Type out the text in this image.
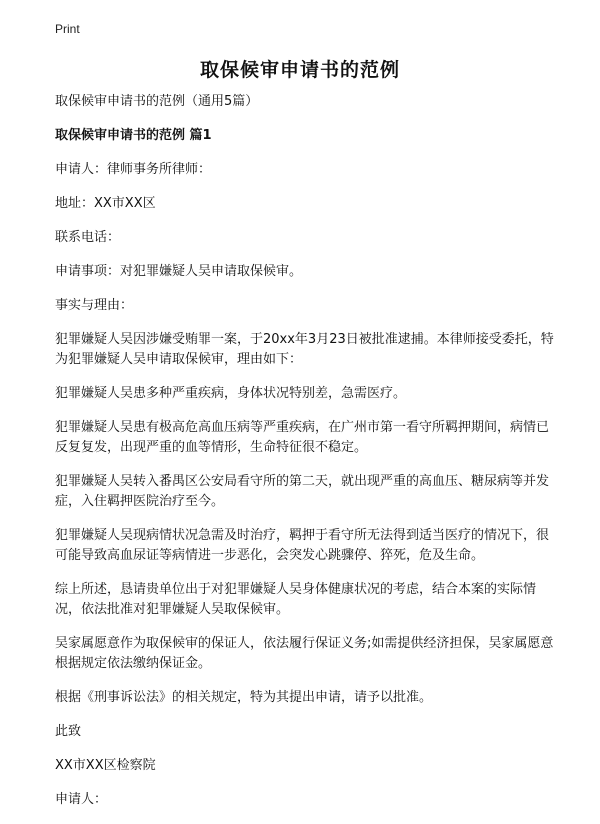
Print
取保候审申请书的范例

取保候审申请书的范例（通用5篇）

取保候审申请书的范例 篇1

申请人：律师事务所律师：

地址：XX市XX区

联系电话：

申请事项：对犯罪嫌疑人吴申请取保候审。

事实与理由：

犯罪嫌疑人吴因涉嫌受贿罪一案，于20xx年3月23日被批准逮捕。本律师接受委托，特为犯罪嫌疑人吴申请取保候审，理由如下：

犯罪嫌疑人吴患多种严重疾病，身体状况特别差，急需医疗。

犯罪嫌疑人吴患有极高危高血压病等严重疾病，在广州市第一看守所羁押期间，病情已反复复发，出现严重的血等情形，生命特征很不稳定。

犯罪嫌疑人吴转入番禺区公安局看守所的第二天，就出现严重的高血压、糖尿病等并发症，入住羁押医院治疗至今。

犯罪嫌疑人吴现病情状况急需及时治疗，羁押于看守所无法得到适当医疗的情况下，很可能导致高血尿证等病情进一步恶化，会突发心跳骤停、猝死，危及生命。

综上所述，恳请贵单位出于对犯罪嫌疑人吴身体健康状况的考虑，结合本案的实际情况，依法批准对犯罪嫌疑人吴取保候审。

吴家属愿意作为取保候审的保证人，依法履行保证义务;如需提供经济担保，吴家属愿意根据规定依法缴纳保证金。

根据《刑事诉讼法》的相关规定，特为其提出申请，请予以批准。

此致

XX市XX区检察院

申请人：
